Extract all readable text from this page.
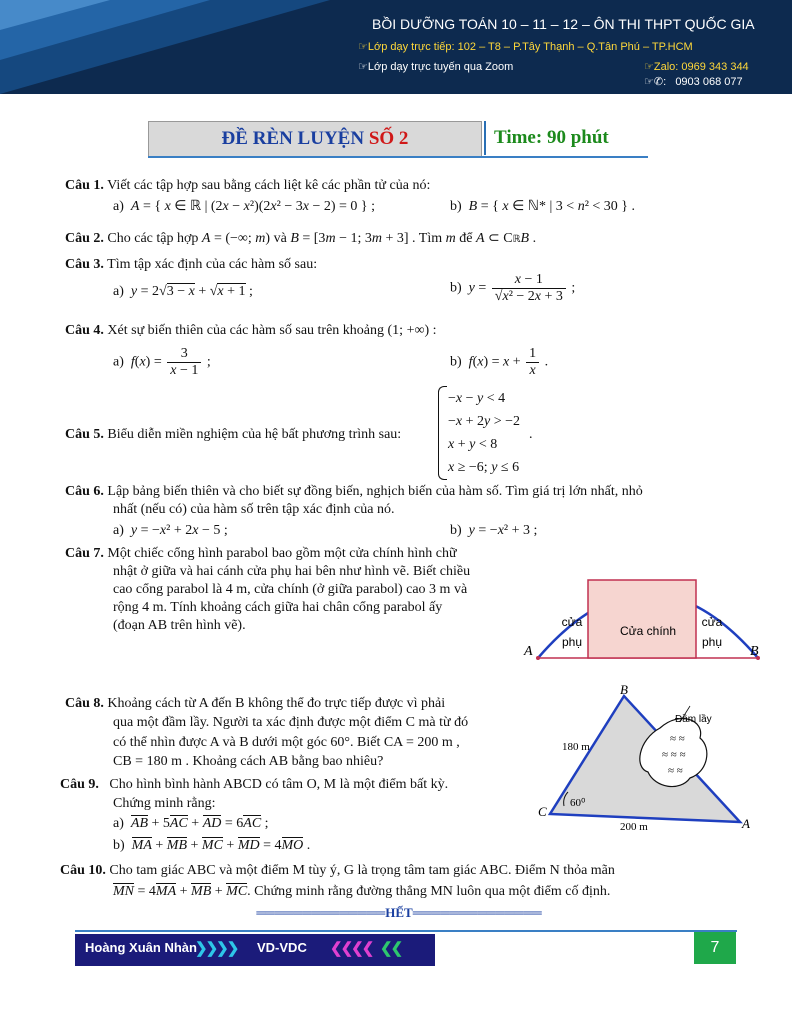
BỒI DƯỠNG TOÁN 10 – 11 – 12 – ÔN THI THPT QUỐC GIA
☞Lớp dạy trực tiếp: 102 – T8 – P.Tây Thạnh – Q.Tân Phú – TP.HCM
☞Lớp dạy trực tuyến qua Zoom	☞Zalo: 0969 343 344
☞✆:   0903 068 077
ĐỀ RÈN LUYỆN SỐ 2	Time: 90 phút
Câu 1. Viết các tập hợp sau bằng cách liệt kê các phần tử của nó:
a)  A = { x ∈ ℝ | (2x − x²)(2x² − 3x − 2) = 0 } ;	b)  B = { x ∈ ℕ* | 3 < n² < 30 } .
Câu 2. Cho các tập hợp A = (−∞; m) và B = [3m − 1; 3m + 3] . Tìm m để A ⊂ CℝB .
Câu 3. Tìm tập xác định của các hàm số sau:
a)  y = 2√3 − x + √x + 1 ;	b)  $y = \frac{x - 1}{\text{√x² − 2x + 3}}$ ;
Câu 4. Xét sự biến thiên của các hàm số sau trên khoảng (1; +∞) :
a)  $f(x) = \frac{3}{x - 1}$ ;	b)  $f(x) = x + \frac{1}{x}$ .
Câu 5. Biểu diễn miền nghiệm của hệ bất phương trình sau:
−x − y < 4
−x + 2y > −2
x + y < 8
x ≥ −6; y ≤ 6
.
Câu 6. Lập bảng biến thiên và cho biết sự đồng biến, nghịch biến của hàm số. Tìm giá trị lớn nhất, nhỏ
nhất (nếu có) của hàm số trên tập xác định của nó.
a)  y = −x² + 2x − 5 ;	b)  y = −x² + 3 ;
Câu 7. Một chiếc cổng hình parabol bao gồm một cửa chính hình chữ
nhật ở giữa và hai cánh cửa phụ hai bên như hình vẽ. Biết chiều
cao cổng parabol là 4 m, cửa chính (ở giữa parabol) cao 3 m và
rộng 4 m. Tính khoảng cách giữa hai chân cổng parabol ấy
(đoạn AB trên hình vẽ).	Cửa chính
cửa
phụ
cửa
phụ
A	B
Câu 8. Khoảng cách từ A đến B không thể đo trực tiếp được vì phải
qua một đầm lầy. Người ta xác định được một điểm C mà từ đó
có thể nhìn được A và B dưới một góc 60°. Biết CA = 200 m ,
CB = 180 m . Khoảng cách AB bằng bao nhiêu?
≈ ≈
≈ ≈ ≈
≈ ≈
Đầm lầy
60⁰
B
C
A
180 m
200 m
Câu 9. Cho hình bình hành ABCD có tâm O, M là một điểm bất kỳ.
Chứng minh rằng:
a)  AB + 5AC + AD = 6AC ;
b)  MA + MB + MC + MD = 4MO .
Câu 10. Cho tam giác ABC và một điểm M tùy ý, G là trọng tâm tam giác ABC. Điểm N thỏa mãn
MN = 4MA + MB + MC. Chứng minh rằng đường thẳng MN luôn qua một điểm cố định.
══════════════HẾT══════════════
Hoàng Xuân Nhàn
❯❯❯❯ VD-VDC ❮❮❮❮ ❮❮	7
